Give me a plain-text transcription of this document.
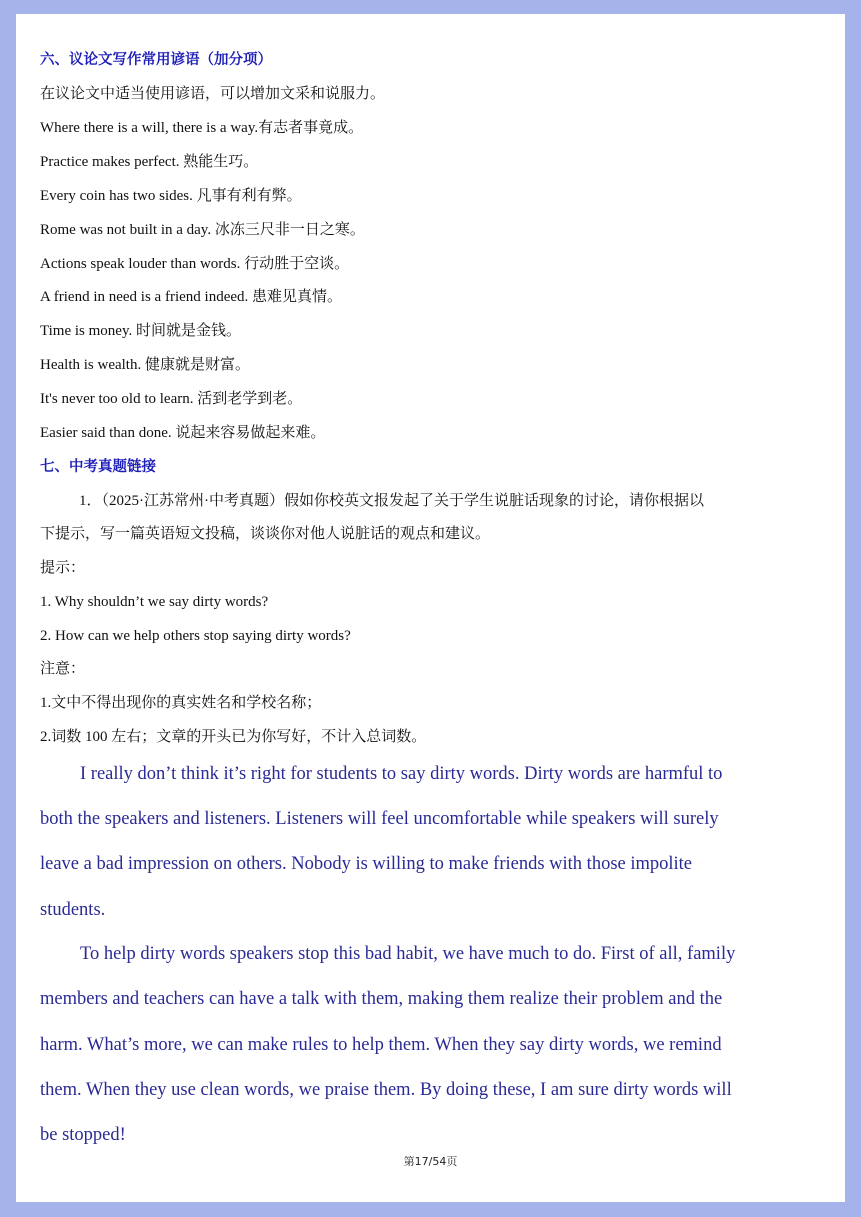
六、议论文写作常用谚语（加分项）
在议论文中适当使用谚语，可以增加文采和说服力。
Where there is a will, there is a way.有志者事竟成。
Practice makes perfect. 熟能生巧。
Every coin has two sides. 凡事有利有弊。
Rome was not built in a day. 冰冻三尺非一日之寒。
Actions speak louder than words. 行动胜于空谈。
A friend in need is a friend indeed. 患难见真情。
Time is money. 时间就是金钱。
Health is wealth. 健康就是财富。
It's never too old to learn. 活到老学到老。
Easier said than done. 说起来容易做起来难。
七、中考真题链接
1．（2025·江苏常州·中考真题）假如你校英文报发起了关于学生说脏话现象的讨论，请你根据以
下提示，写一篇英语短文投稿，谈谈你对他人说脏话的观点和建议。
提示：
1. Why shouldn’t we say dirty words?
2. How can we help others stop saying dirty words?
注意：
1.文中不得出现你的真实姓名和学校名称；
2.词数 100 左右；文章的开头已为你写好，不计入总词数。
I really don’t think it’s right for students to say dirty words. Dirty words are harmful to
both the speakers and listeners. Listeners will feel uncomfortable while speakers will surely
leave a bad impression on others. Nobody is willing to make friends with those impolite
students.
To help dirty words speakers stop this bad habit, we have much to do. First of all, family
members and teachers can have a talk with them, making them realize their problem and the
harm. What’s more, we can make rules to help them. When they say dirty words, we remind
them. When they use clean words, we praise them. By doing these, I am sure dirty words will
be stopped!
第17/54页
